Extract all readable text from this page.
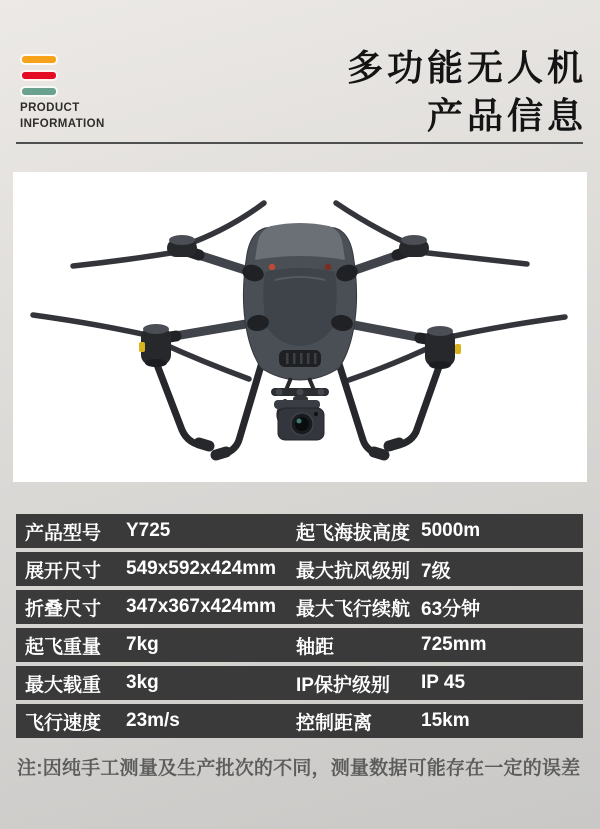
PRODUCT
INFORMATION
多功能无人机
产品信息
产品型号	Y725	起飞海拔高度 5000m
展开尺寸	549x592x424mm	最大抗风级别 7级
折叠尺寸	347x367x424mm	最大飞行续航 63分钟
起飞重量	7kg	轴距	725mm
最大载重	3kg	IP保护级别	IP 45
飞行速度	23m/s	控制距离	15km
注:因纯手工测量及生产批次的不同，测量数据可能存在一定的误差
